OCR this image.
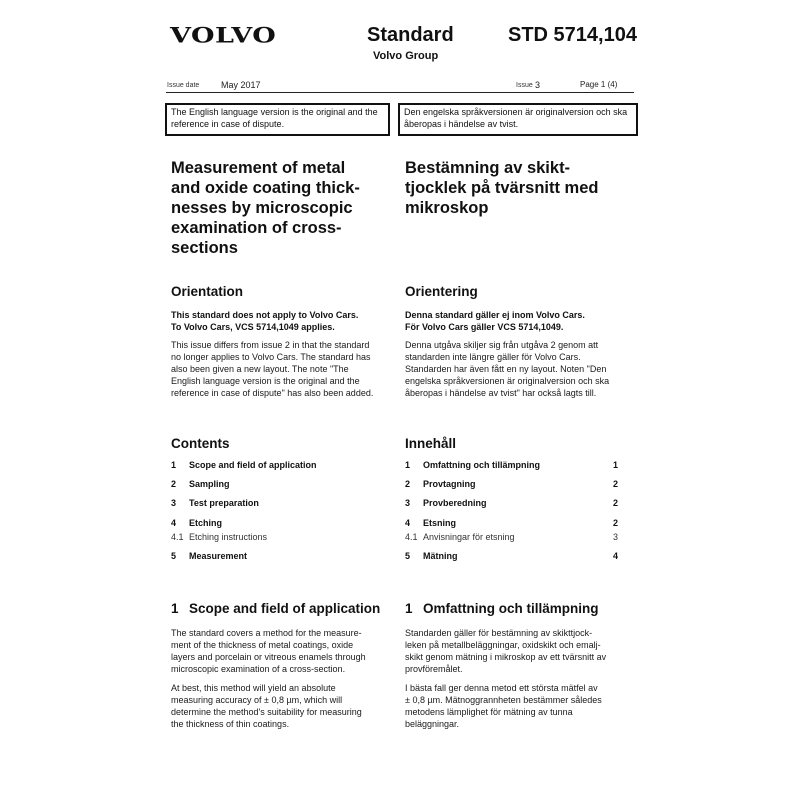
VOLVO	Standard
Volvo Group
STD 5714,104
Issue date May 2017	Issue 3	Page 1 (4)
The English language version is the original and the reference in case of dispute.
Den engelska språkversionen är originalversion och ska åberopas i händelse av tvist.
Measurement of metal
and oxide coating thick-
nesses by microscopic
examination of cross-
sections
Bestämning av skikt-
tjocklek på tvärsnitt med
mikroskop
Orientation
This standard does not apply to Volvo Cars.
To Volvo Cars, VCS 5714,1049 applies.
This issue differs from issue 2 in that the standard
no longer applies to Volvo Cars. The standard has
also been given a new layout. The note "The
English language version is the original and the
reference in case of dispute" has also been added.
Orientering
Denna standard gäller ej inom Volvo Cars.
För Volvo Cars gäller VCS 5714,1049.
Denna utgåva skiljer sig från utgåva 2 genom att
standarden inte längre gäller för Volvo Cars.
Standarden har även fått en ny layout. Noten "Den
engelska språkversionen är originalversion och ska
åberopas i händelse av tvist" har också lagts till.
Contents
1 Scope and field of application
2 Sampling
3 Test preparation
4 Etching
4.1 Etching instructions
5 Measurement
Innehåll
1 Omfattning och tillämpning	1
2 Provtagning	2
3 Provberedning	2
4 Etsning	2
4.1 Anvisningar för etsning	3
5 Mätning	4
1 Scope and field of application
The standard covers a method for the measure-
ment of the thickness of metal coatings, oxide
layers and porcelain or vitreous enamels through
microscopic examination of a cross-section.
At best, this method will yield an absolute
measuring accuracy of ± 0,8 µm, which will
determine the method's suitability for measuring
the thickness of thin coatings.
1 Omfattning och tillämpning
Standarden gäller för bestämning av skikttjock-
leken på metallbeläggningar, oxidskikt och emalj-
skikt genom mätning i mikroskop av ett tvärsnitt av
provföremålet.
I bästa fall ger denna metod ett största mätfel av
± 0,8 µm. Mätnoggrannheten bestämmer således
metodens lämplighet för mätning av tunna
beläggningar.
